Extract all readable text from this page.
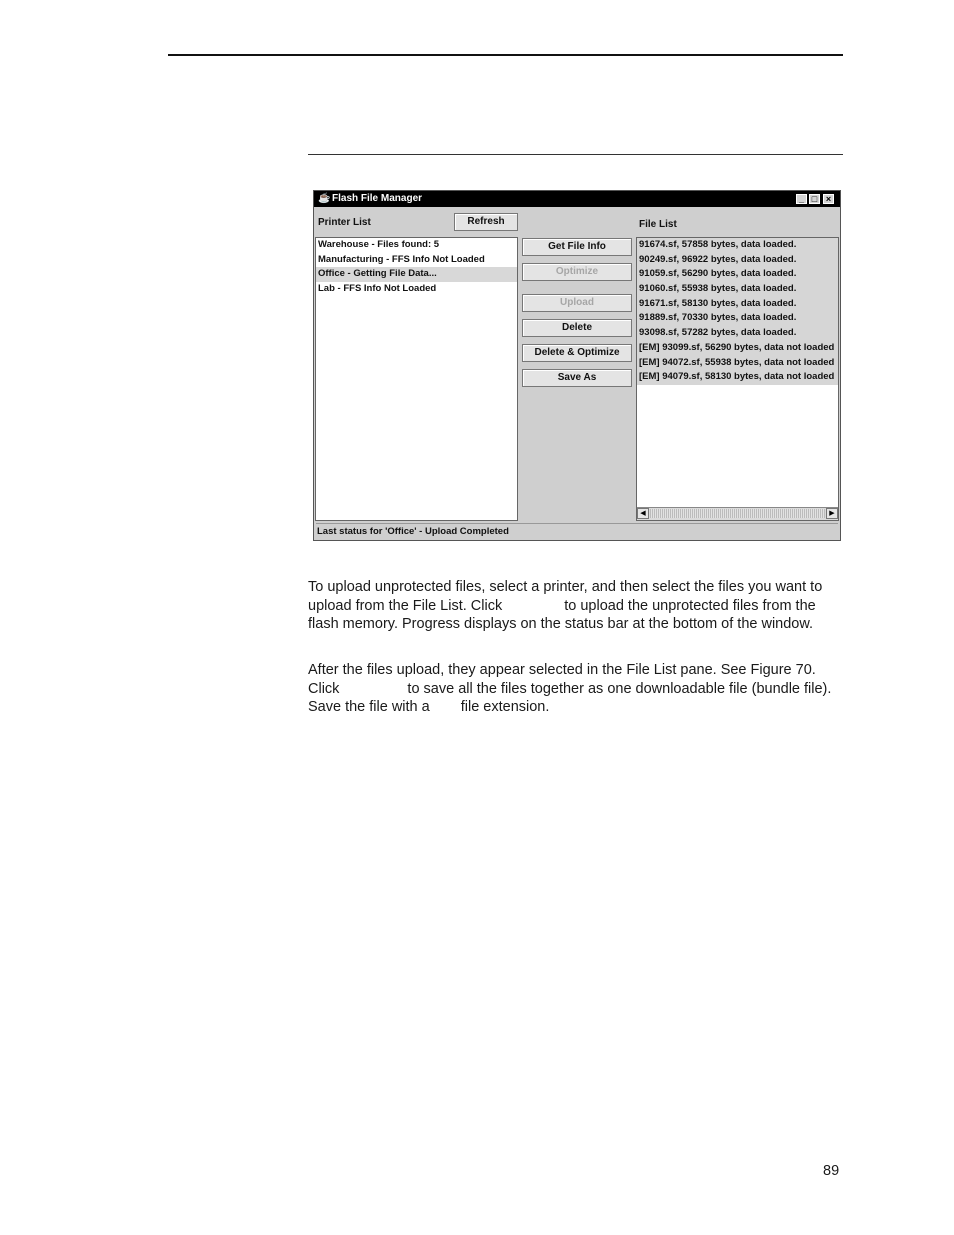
☕ Flash File Manager	_ □ ×
Printer List	Refresh	File List
Warehouse - Files found: 5
Manufacturing - FFS Info Not Loaded
Office - Getting File Data...
Lab - FFS Info Not Loaded
Get File Info
Optimize
Upload
Delete
Delete & Optimize
Save As
91674.sf, 57858 bytes, data loaded.
90249.sf, 96922 bytes, data loaded.
91059.sf, 56290 bytes, data loaded.
91060.sf, 55938 bytes, data loaded.
91671.sf, 58130 bytes, data loaded.
91889.sf, 70330 bytes, data loaded.
93098.sf, 57282 bytes, data loaded.
[EM] 93099.sf, 56290 bytes, data not loaded
[EM] 94072.sf, 55938 bytes, data not loaded
[EM] 94079.sf, 58130 bytes, data not loaded
◀	▶
Last status for 'Office' - Upload Completed
To upload unprotected files, select a printer, and then select the files you want to upload from the File List. Click	to upload the unprotected files from the flash memory. Progress displays on the status bar at the bottom of the window.
After the files upload, they appear selected in the File List pane. See Figure 70. Click	to save all the files together as one downloadable file (bundle file). Save the file with a file extension.
89
